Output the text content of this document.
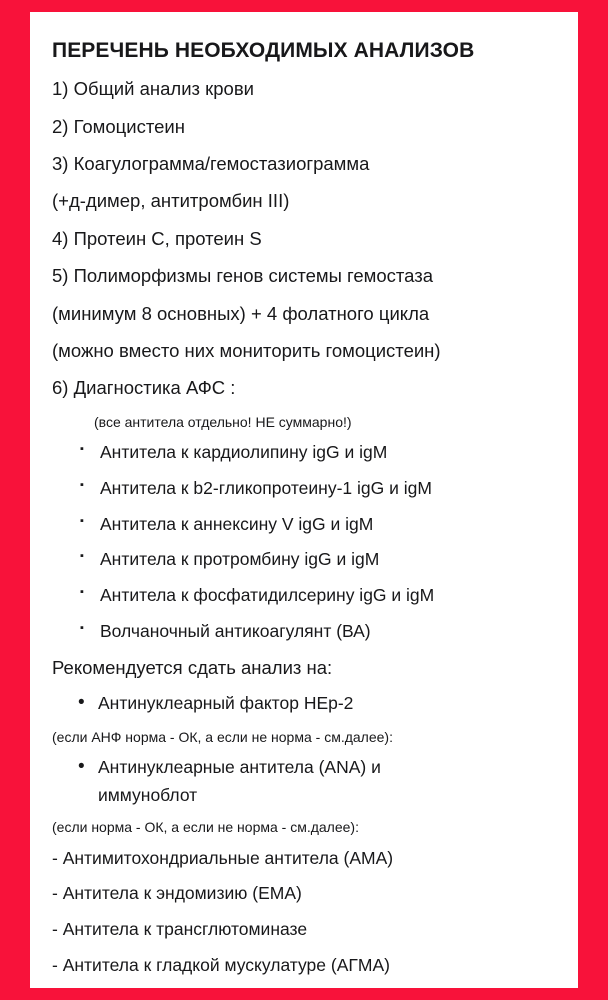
ПЕРЕЧЕНЬ НЕОБХОДИМЫХ АНАЛИЗОВ

1) Общий анализ крови

2) Гомоцистеин

3) Коагулограмма/гемостазиограмма

(+д-димер, антитромбин III)

4) Протеин C, протеин S

5) Полиморфизмы генов системы гемостаза

(минимум 8 основных) + 4 фолатного цикла

(можно вместо них мониторить гомоцистеин)

6) Диагностика АФС :

(все антитела отдельно! НЕ суммарно!)

▪ Антитела к кардиолипину igG и igM
▪ Антитела к b2-гликопротеину-1 igG и igM
▪ Антитела к аннексину V igG и igM
▪ Антитела к протромбину igG и igM
▪ Антитела к фосфатидилсерину igG и igM
▪ Волчаночный антикоагулянт (ВА)

Рекомендуется сдать анализ на:

• Антинуклеарный фактор HEp-2

(если АНФ норма - ОК, а если не норма - см.далее):

• Антинуклеарные антитела (ANA) и

иммуноблот

(если норма - ОК, а если не норма - см.далее):

- Антимитохондриальные антитела (AMA)

- Антитела к эндомизию (EMA)

- Антитела к трансглютоминазе

- Антитела к гладкой мускулатуре (AГMA)
